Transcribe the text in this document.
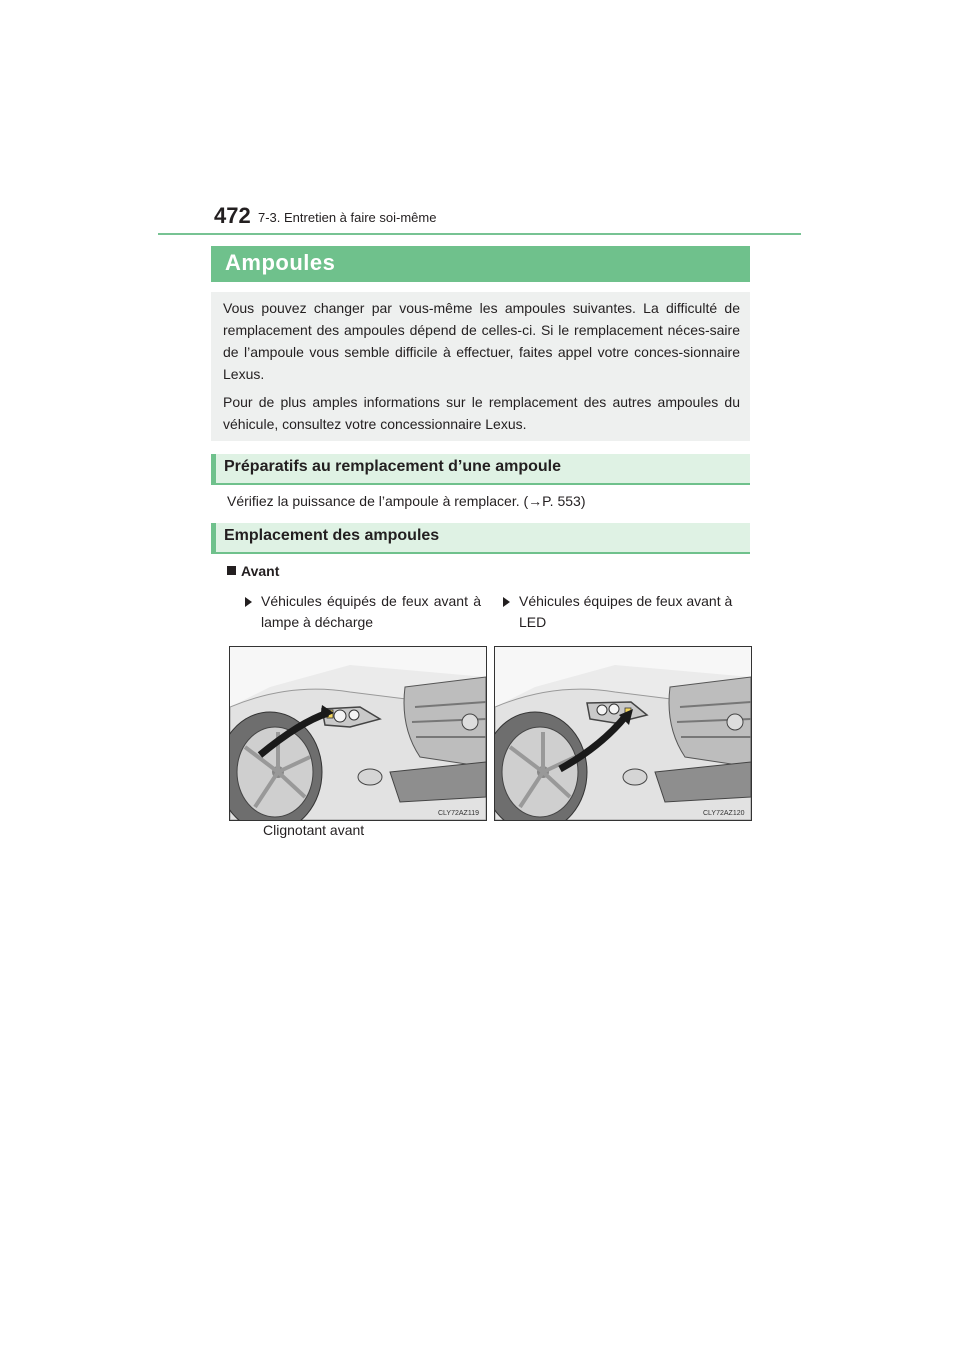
472 7-3. Entretien à faire soi-même
Ampoules
Vous pouvez changer par vous-même les ampoules suivantes. La difficulté de remplacement des ampoules dépend de celles-ci. Si le remplacement néces-saire de l’ampoule vous semble difficile à effectuer, faites appel votre conces-sionnaire Lexus.
Pour de plus amples informations sur le remplacement des autres ampoules du véhicule, consultez votre concessionnaire Lexus.
Préparatifs au remplacement d’une ampoule
Vérifiez la puissance de l’ampoule à remplacer. (→P. 553)
Emplacement des ampoules
Avant
Véhicules équipés de feux avant à lampe à décharge
Véhicules équipes de feux avant à LED
CLY72AZ119	CLY72AZ120
Clignotant avant
